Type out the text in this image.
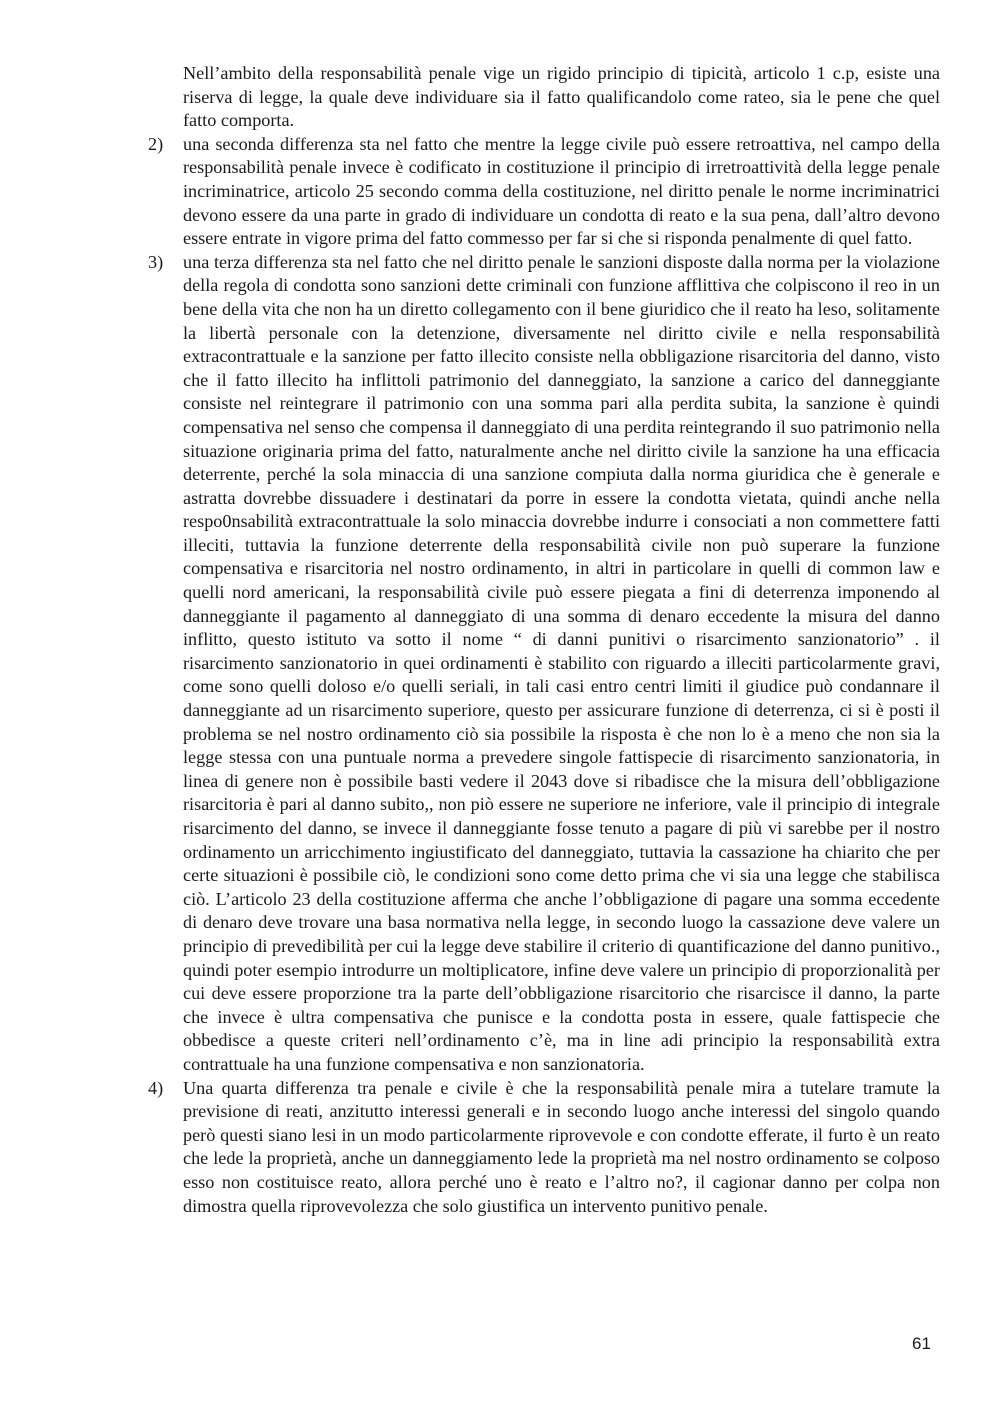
Nell’ambito della responsabilità penale vige un rigido principio di tipicità, articolo 1 c.p, esiste una riserva di legge, la quale deve individuare sia il fatto qualificandolo come rateo, sia le pene che quel fatto comporta.

2)	una seconda differenza sta nel fatto che mentre la legge civile può essere retroattiva, nel campo della responsabilità penale invece è codificato in costituzione il principio di irretroattività della legge penale incriminatrice, articolo 25 secondo comma della costituzione, nel diritto penale le norme incriminatrici devono essere da una parte in grado di individuare un condotta di reato e la sua pena, dall’altro devono essere entrate in vigore prima del fatto commesso per far si che si risponda penalmente di quel fatto.

3)	una terza differenza sta nel fatto che nel diritto penale le sanzioni disposte dalla norma per la violazione della regola di condotta sono sanzioni dette criminali con funzione afflittiva che colpiscono il reo in un bene della vita che non ha un diretto collegamento con il bene giuridico che il reato ha leso, solitamente la libertà personale con la detenzione, diversamente nel diritto civile e nella responsabilità extracontrattuale e la sanzione per fatto illecito consiste nella obbligazione risarcitoria del danno, visto che il fatto illecito ha inflittoli patrimonio del danneggiato, la sanzione a carico del danneggiante consiste nel reintegrare il patrimonio con una somma pari alla perdita subita, la sanzione è quindi compensativa nel senso che compensa il danneggiato di una perdita reintegrando il suo patrimonio nella situazione originaria prima del fatto, naturalmente anche nel diritto civile la sanzione ha una efficacia deterrente, perché la sola minaccia di una sanzione compiuta dalla norma giuridica che è generale e astratta dovrebbe dissuadere i destinatari da porre in essere la condotta vietata, quindi anche nella respo0nsabilità extracontrattuale la solo minaccia dovrebbe indurre i consociati a non commettere fatti illeciti, tuttavia la funzione deterrente della responsabilità civile non può superare la funzione compensativa e risarcitoria nel nostro ordinamento, in altri in particolare in quelli di common law e quelli nord americani, la responsabilità civile può essere piegata a fini di deterrenza imponendo al danneggiante il pagamento al danneggiato di una somma di denaro eccedente la misura del danno inflitto, questo istituto va sotto il nome “ di danni punitivi o risarcimento sanzionatorio” . il risarcimento sanzionatorio in quei ordinamenti è stabilito con riguardo a illeciti particolarmente gravi, come sono quelli doloso e/o quelli seriali, in tali casi entro centri limiti il giudice può condannare il danneggiante ad un risarcimento superiore, questo per assicurare funzione di deterrenza, ci si è posti il problema se nel nostro ordinamento ciò sia possibile la risposta è che non lo è a meno che non sia la legge stessa con una puntuale norma a prevedere singole fattispecie di risarcimento sanzionatoria, in linea di genere non è possibile basti vedere il 2043 dove si ribadisce che la misura dell’obbligazione risarcitoria è pari al danno subito,, non piò essere ne superiore ne inferiore, vale il principio di integrale risarcimento del danno, se invece il danneggiante fosse tenuto a pagare di più vi sarebbe per il nostro ordinamento un arricchimento ingiustificato del danneggiato, tuttavia la cassazione ha chiarito che per certe situazioni è possibile ciò, le condizioni sono come detto prima che vi sia una legge che stabilisca ciò. L’articolo 23 della costituzione afferma che anche l’obbligazione di pagare una somma eccedente di denaro deve trovare una basa normativa nella legge, in secondo luogo la cassazione deve valere un principio di prevedibilità per cui la legge deve stabilire il criterio di quantificazione del danno punitivo., quindi poter esempio introdurre un moltiplicatore, infine deve valere un principio di proporzionalità per cui deve essere proporzione tra la parte dell’obbligazione risarcitorio che risarcisce il danno, la parte che invece è ultra compensativa che punisce e la condotta posta in essere, quale fattispecie che obbedisce a queste criteri nell’ordinamento c’è, ma in line adi principio la responsabilità extra contrattuale ha una funzione compensativa e non sanzionatoria.

4)	Una quarta differenza tra penale e civile è che la responsabilità penale mira a tutelare tramute la previsione di reati, anzitutto interessi generali e in secondo luogo anche interessi del singolo quando però questi siano lesi in un modo particolarmente riprovevole e con condotte efferate, il furto è un reato che lede la proprietà, anche un danneggiamento lede la proprietà ma nel nostro ordinamento se colposo esso non costituisce reato, allora perché uno è reato e l’altro no?, il cagionar danno per colpa non dimostra quella riprovevolezza che solo giustifica un intervento punitivo penale.

61
